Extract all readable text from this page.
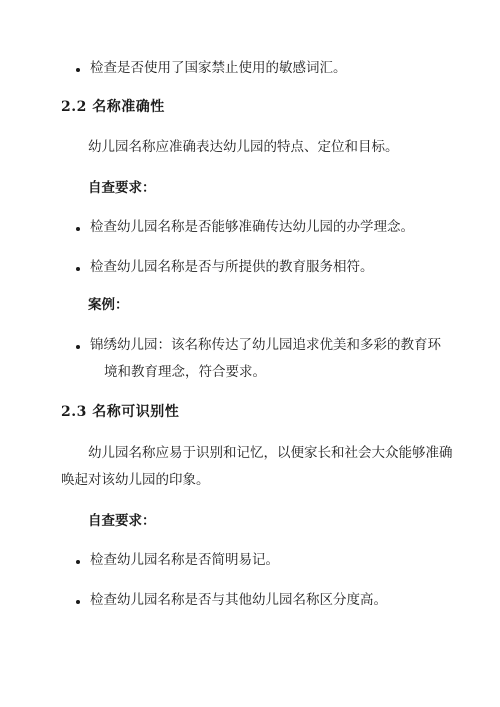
检查是否使用了国家禁止使用的敏感词汇。
2.2 名称准确性
幼儿园名称应准确表达幼儿园的特点、定位和目标。
自查要求：
检查幼儿园名称是否能够准确传达幼儿园的办学理念。
检查幼儿园名称是否与所提供的教育服务相符。
案例：
锦绣幼儿园：该名称传达了幼儿园追求优美和多彩的教育环
境和教育理念，符合要求。
2.3 名称可识别性
幼儿园名称应易于识别和记忆，以便家长和社会大众能够准确
唤起对该幼儿园的印象。
自查要求：
检查幼儿园名称是否简明易记。
检查幼儿园名称是否与其他幼儿园名称区分度高。
